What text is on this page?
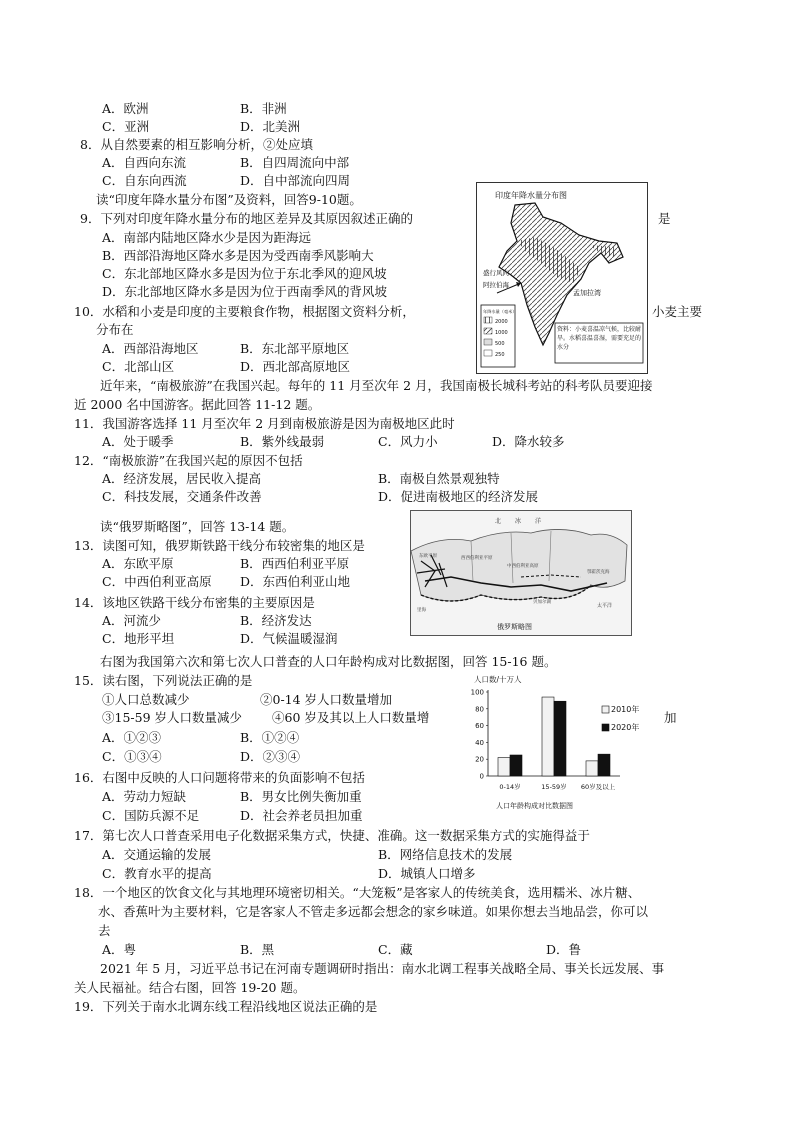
A．欧洲	B．非洲
C．亚洲	D．北美洲
8．从自然要素的相互影响分析，②处应填
A．自西向东流	B．自四周流向中部
C．自东向西流	D．自中部流向四周
读“印度年降水量分布图”及资料，回答9-10题。
9．下列对印度年降水量分布的地区差异及其原因叙述正确的	是
A．南部内陆地区降水少是因为距海远
B．西部沿海地区降水多是因为受西南季风影响大
C．东北部地区降水多是因为位于东北季风的迎风坡
D．东北部地区降水多是因为位于西南季风的背风坡
10．水稻和小麦是印度的主要粮食作物，根据图文资料分析，	小麦主要
分布在
A．西部沿海地区	B．东北部平原地区
C．北部山区	D．西北部高原地区
近年来，“南极旅游”在我国兴起。每年的 11 月至次年 2 月，我国南极长城科考站的科考队员要迎接
近 2000 名中国游客。据此回答 11-12 题。
11．我国游客选择 11 月至次年 2 月到南极旅游是因为南极地区此时
A．处于暖季	B．紫外线最弱	C．风力小	D．降水较多
12．“南极旅游”在我国兴起的原因不包括
A．经济发展，居民收入提高	B．南极自然景观独特
C．科技发展，交通条件改善	D．促进南极地区的经济发展
读“俄罗斯略图”，回答 13-14 题。
13．读图可知，俄罗斯铁路干线分布较密集的地区是
A．东欧平原	B．西西伯利亚平原
C．中西伯利亚高原 D．东西伯利亚山地
14．该地区铁路干线分布密集的主要原因是
A．河流少	B．经济发达
C．地形平坦	D．气候温暖湿润
右图为我国第六次和第七次人口普查的人口年龄构成对比数据图，回答 15-16 题。
15．读右图，下列说法正确的是
①人口总数减少	②0-14 岁人口数量增加
③15-59 岁人口数量减少 ④60 岁及其以上人口数量增	加
A．①②③	B．①②④
C．①③④	D．②③④
16．右图中反映的人口问题将带来的负面影响不包括
A．劳动力短缺	B．男女比例失衡加重
C．国防兵源不足	D．社会养老员担加重
17．第七次人口普查采用电子化数据采集方式，快捷、准确。这一数据采集方式的实施得益于
A．交通运输的发展	B．网络信息技术的发展
C．教育水平的提高	D．城镇人口增多
18．一个地区的饮食文化与其地理环境密切相关。“大笼粄”是客家人的传统美食，选用糯米、冰片糖、
水、香蕉叶为主要材料，它是客家人不管走多远都会想念的家乡味道。如果你想去当地品尝，你可以
去
A．粤	B．黑	C．藏	D．鲁
2021 年 5 月，习近平总书记在河南专题调研时指出：南水北调工程事关战略全局、事关长远发展、事
关人民福祉。结合右图，回答 19-20 题。
19．下列关于南水北调东线工程沿线地区说法正确的是
印度年降水量分布图
盛行风向
阿拉伯海
孟加拉湾
年降水量（毫米）
2000
1000
500
250
资料：小麦喜温凉气候，比较耐旱。水稻喜温喜湿，需要充足的水分
北 冰 洋
太平洋
鄂霍茨克海
中西伯利亚高原
西西伯利亚平原
东欧平原
里海
贝加尔湖
俄罗斯略图
人口数/十万人
0
20
40
60
80
100
0-14岁	15-59岁 60岁及以上
2010年
2020年
人口年龄构成对比数据图
